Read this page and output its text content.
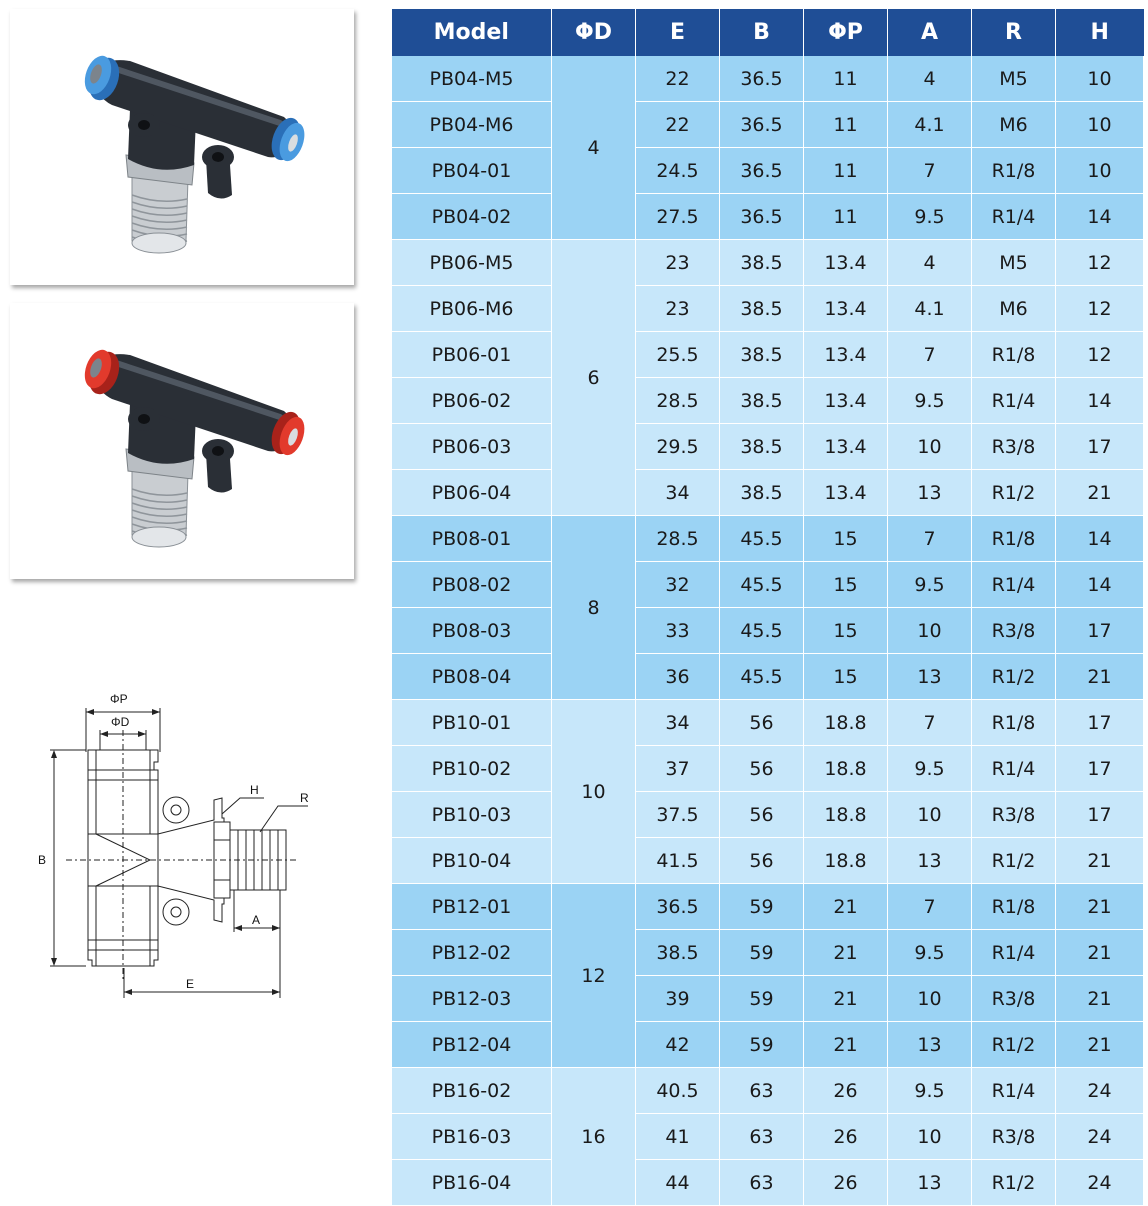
ΦP
ΦD
B
H
R
A
E
Model	ΦD	E	B	ΦP	A	R	H
PB04-M5	4	22	36.5	11	4	M5	10
PB04-M6		22	36.5	11	4.1	M6	10
PB04-01		24.5	36.5	11	7	R1/8	10
PB04-02		27.5	36.5	11	9.5	R1/4	14
PB06-M5	6	23	38.5	13.4	4	M5	12
PB06-M6		23	38.5	13.4	4.1	M6	12
PB06-01		25.5	38.5	13.4	7	R1/8	12
PB06-02		28.5	38.5	13.4	9.5	R1/4	14
PB06-03		29.5	38.5	13.4	10	R3/8	17
PB06-04		34	38.5	13.4	13	R1/2	21
PB08-01	8	28.5	45.5	15	7	R1/8	14
PB08-02		32	45.5	15	9.5	R1/4	14
PB08-03		33	45.5	15	10	R3/8	17
PB08-04		36	45.5	15	13	R1/2	21
PB10-01	10	34	56	18.8	7	R1/8	17
PB10-02		37	56	18.8	9.5	R1/4	17
PB10-03		37.5	56	18.8	10	R3/8	17
PB10-04		41.5	56	18.8	13	R1/2	21
PB12-01	12	36.5	59	21	7	R1/8	21
PB12-02		38.5	59	21	9.5	R1/4	21
PB12-03		39	59	21	10	R3/8	21
PB12-04		42	59	21	13	R1/2	21
PB16-02	16	40.5	63	26	9.5	R1/4	24
PB16-03		41	63	26	10	R3/8	24
PB16-04		44	63	26	13	R1/2	24
